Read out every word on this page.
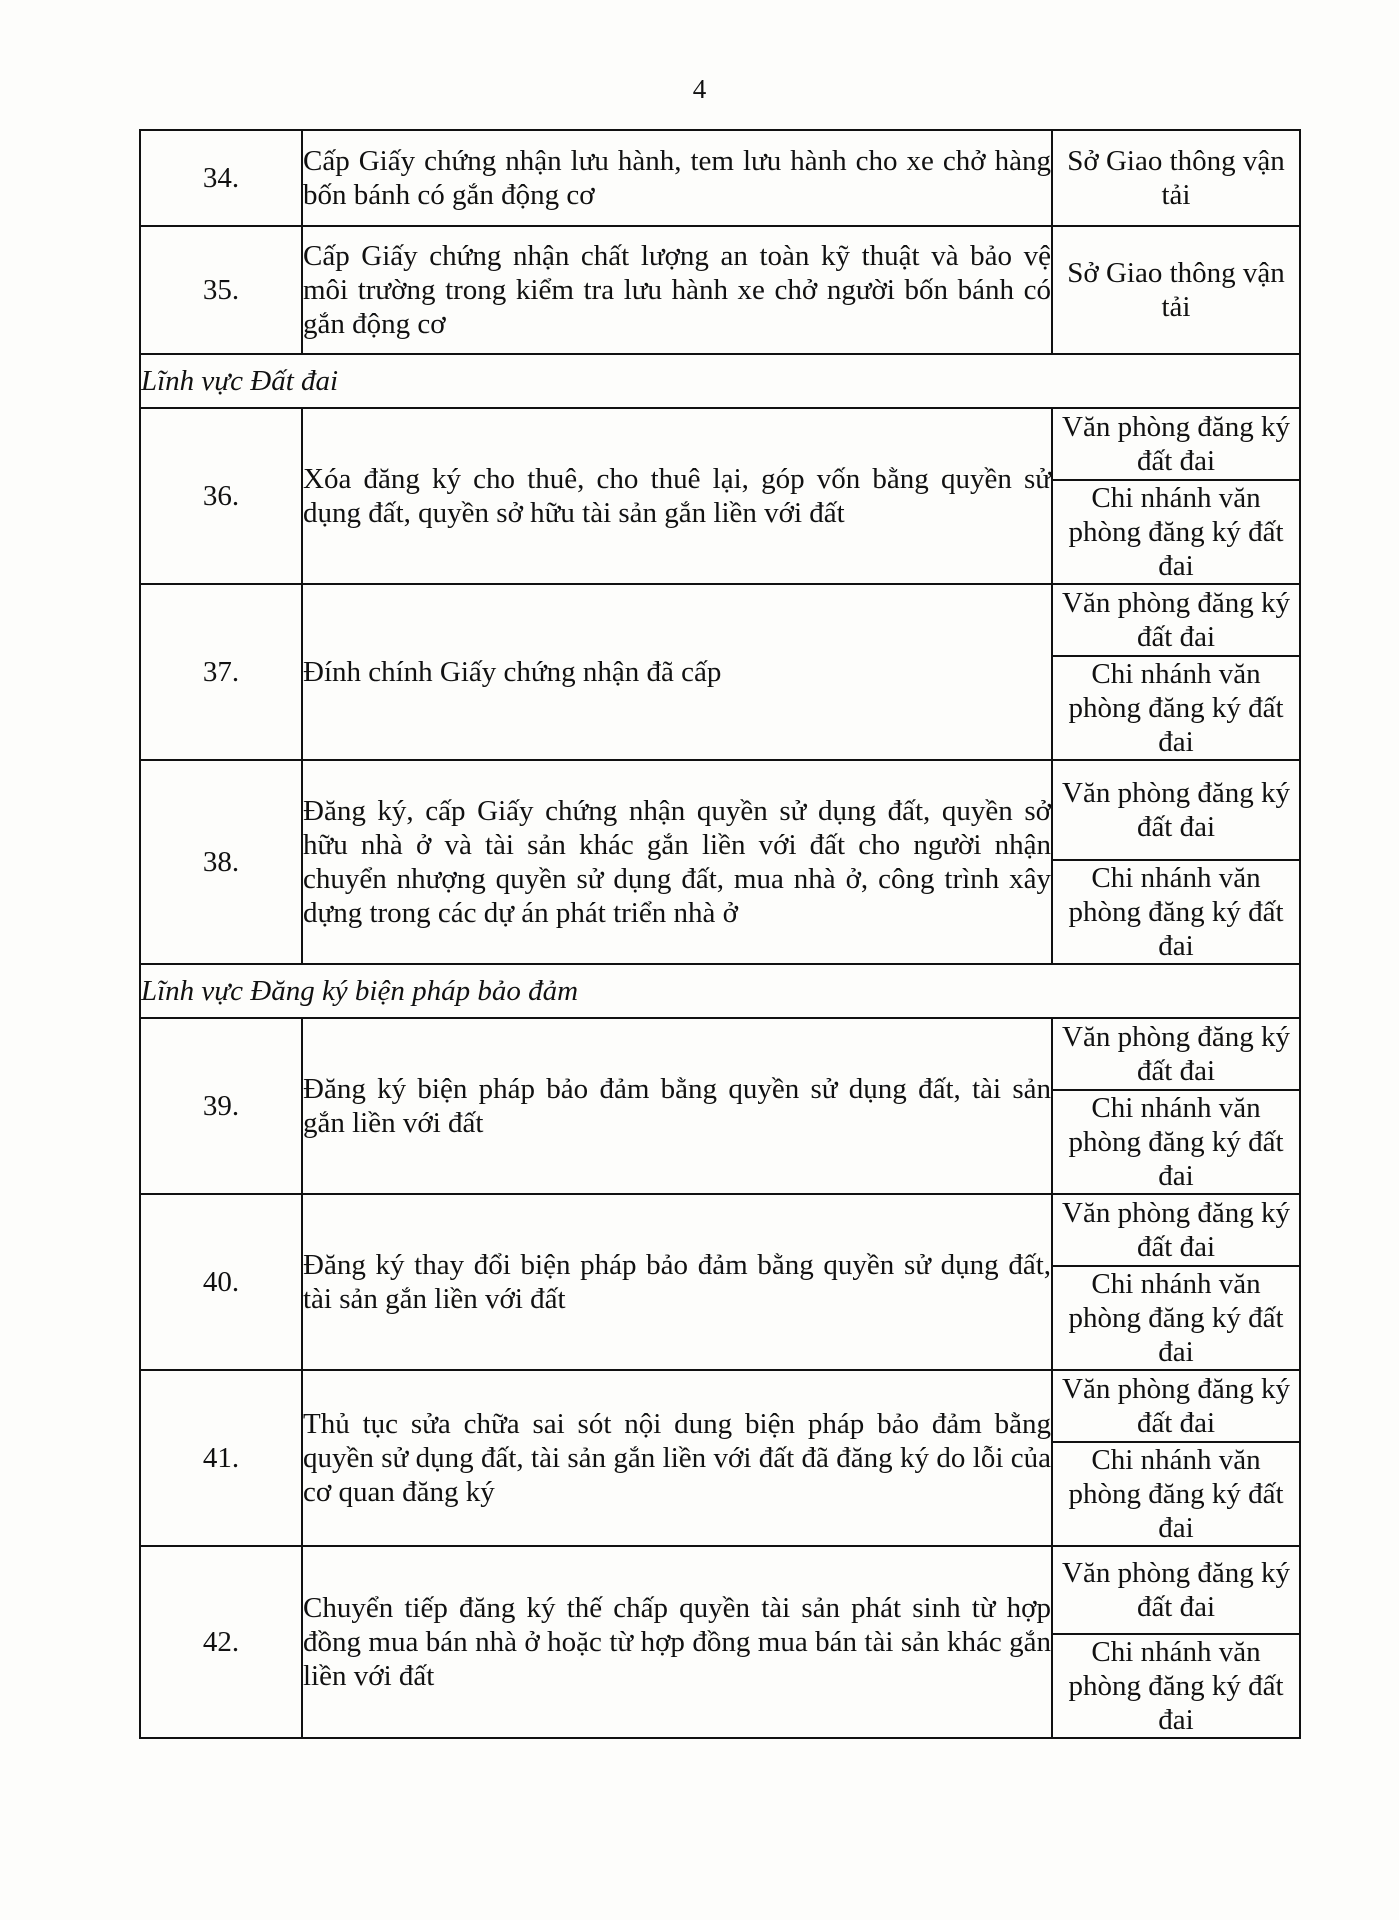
4
34.	Cấp Giấy chứng nhận lưu hành, tem lưu hành cho xe chở hàng bốn bánh có gắn động cơ	Sở Giao thông vận tải
35.	Cấp Giấy chứng nhận chất lượng an toàn kỹ thuật và bảo vệ môi trường trong kiểm tra lưu hành xe chở người bốn bánh có gắn động cơ	Sở Giao thông vận tải
Lĩnh vực Đất đai		
36.	Xóa đăng ký cho thuê, cho thuê lại, góp vốn bằng quyền sử dụng đất, quyền sở hữu tài sản gắn liền với đất	Văn phòng đăng ký đất đai
		Chi nhánh văn phòng đăng ký đất đai
37.	Đính chính Giấy chứng nhận đã cấp	Văn phòng đăng ký đất đai
		Chi nhánh văn phòng đăng ký đất đai
38.	Đăng ký, cấp Giấy chứng nhận quyền sử dụng đất, quyền sở hữu nhà ở và tài sản khác gắn liền với đất cho người nhận chuyển nhượng quyền sử dụng đất, mua nhà ở, công trình xây dựng trong các dự án phát triển nhà ở	Văn phòng đăng ký đất đai
		Chi nhánh văn phòng đăng ký đất đai
Lĩnh vực Đăng ký biện pháp bảo đảm		
39.	Đăng ký biện pháp bảo đảm bằng quyền sử dụng đất, tài sản gắn liền với đất	Văn phòng đăng ký đất đai
		Chi nhánh văn phòng đăng ký đất đai
40.	Đăng ký thay đổi biện pháp bảo đảm bằng quyền sử dụng đất, tài sản gắn liền với đất	Văn phòng đăng ký đất đai
		Chi nhánh văn phòng đăng ký đất đai
41.	Thủ tục sửa chữa sai sót nội dung biện pháp bảo đảm bằng quyền sử dụng đất, tài sản gắn liền với đất đã đăng ký do lỗi của cơ quan đăng ký	Văn phòng đăng ký đất đai
		Chi nhánh văn phòng đăng ký đất đai
42.	Chuyển tiếp đăng ký thế chấp quyền tài sản phát sinh từ hợp đồng mua bán nhà ở hoặc từ hợp đồng mua bán tài sản khác gắn liền với đất	Văn phòng đăng ký đất đai
		Chi nhánh văn phòng đăng ký đất đai
